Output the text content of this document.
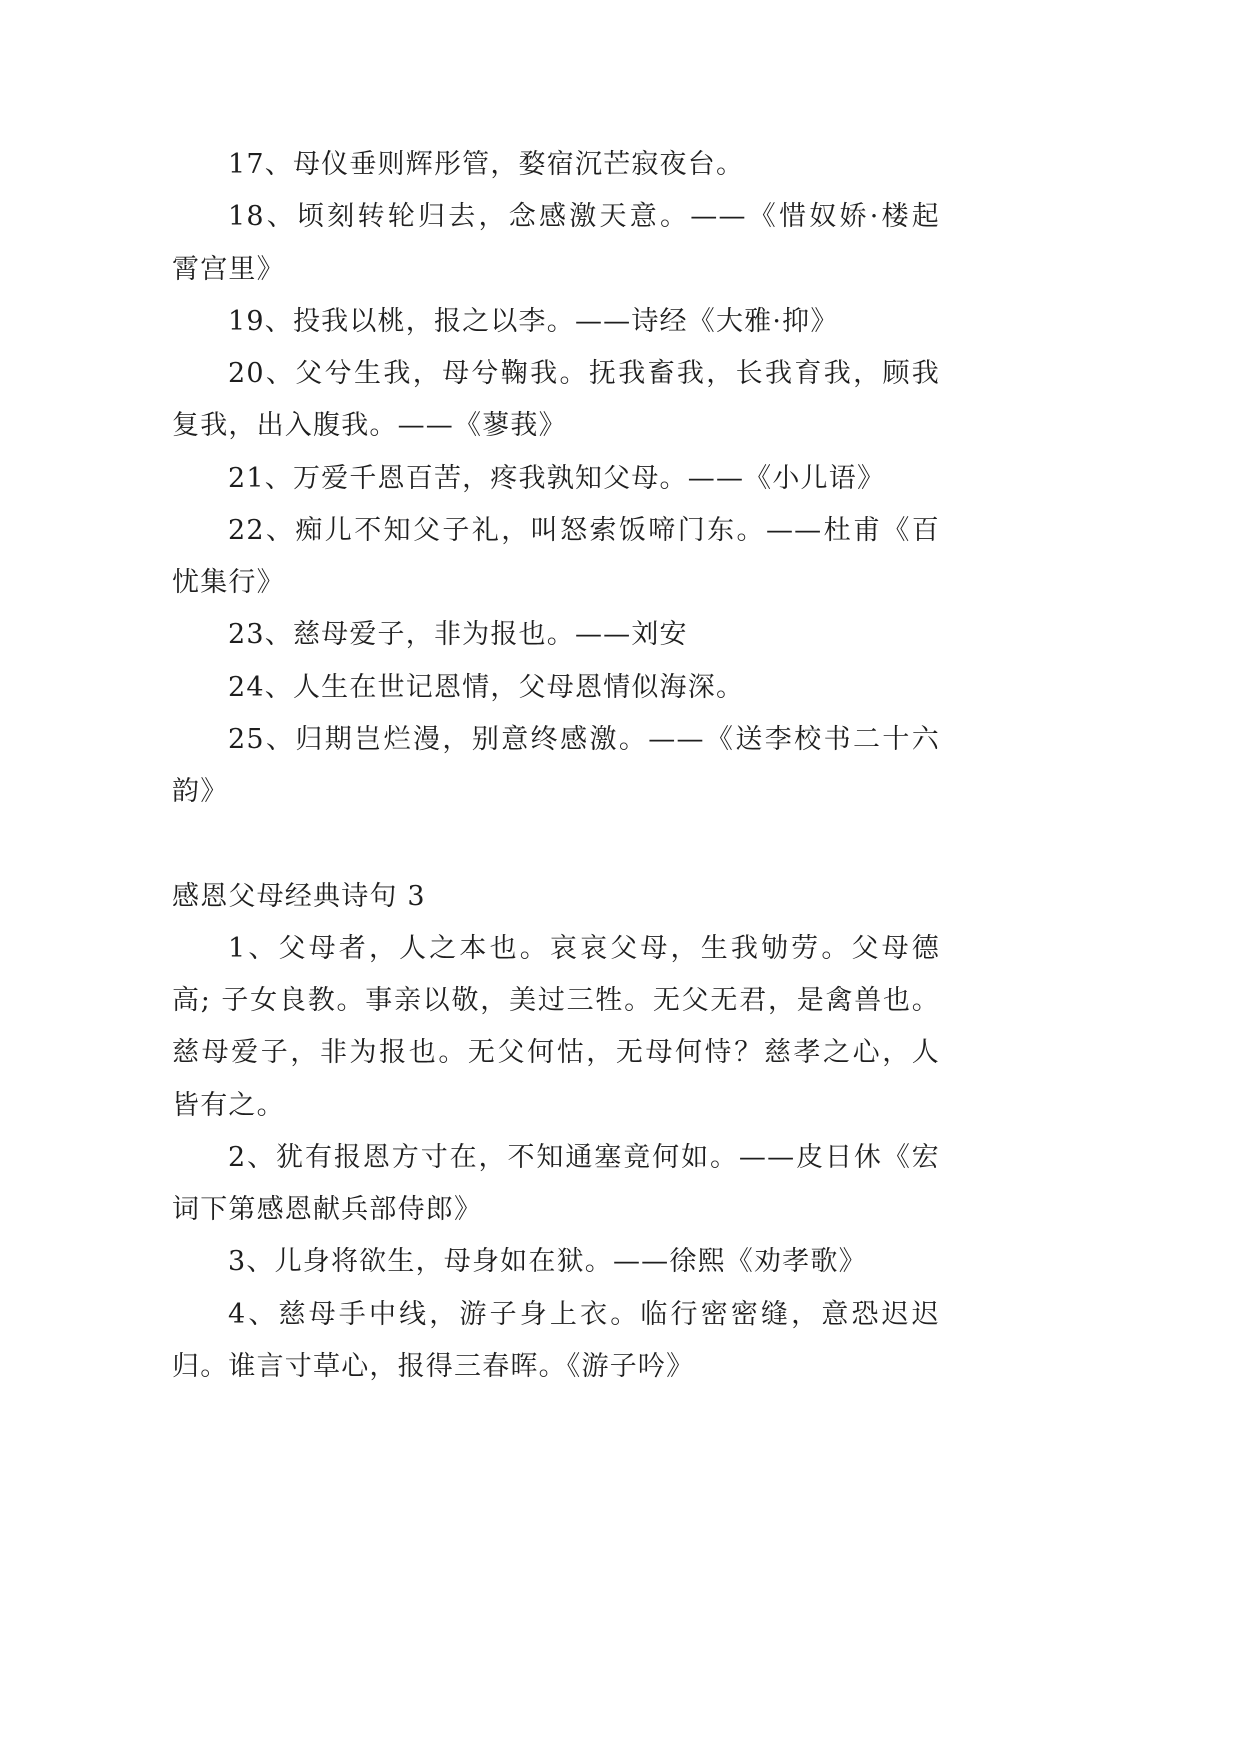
17、母仪垂则辉彤管，婺宿沉芒寂夜台。
18、顷刻转轮归去，念感激天意。——《惜奴娇·楼起
霄宫里》
19、投我以桃，报之以李。——诗经《大雅·抑》
20、父兮生我，母兮鞠我。抚我畜我，长我育我，顾我
复我，出入腹我。——《蓼莪》
21、万爱千恩百苦，疼我孰知父母。——《小儿语》
22、痴儿不知父子礼，叫怒索饭啼门东。——杜甫《百
忧集行》
23、慈母爱子，非为报也。——刘安
24、人生在世记恩情，父母恩情似海深。
25、归期岂烂漫，别意终感激。——《送李校书二十六
韵》
感恩父母经典诗句 3
1、父母者，人之本也。哀哀父母，生我劬劳。父母德
高; 子女良教。事亲以敬，美过三牲。无父无君，是禽兽也。
慈母爱子，非为报也。无父何怙，无母何恃？慈孝之心，人
皆有之。
2、犹有报恩方寸在，不知通塞竟何如。——皮日休《宏
词下第感恩献兵部侍郎》
3、儿身将欲生，母身如在狱。——徐熙《劝孝歌》
4、慈母手中线，游子身上衣。临行密密缝，意恐迟迟
归。谁言寸草心，报得三春晖。《游子吟》
